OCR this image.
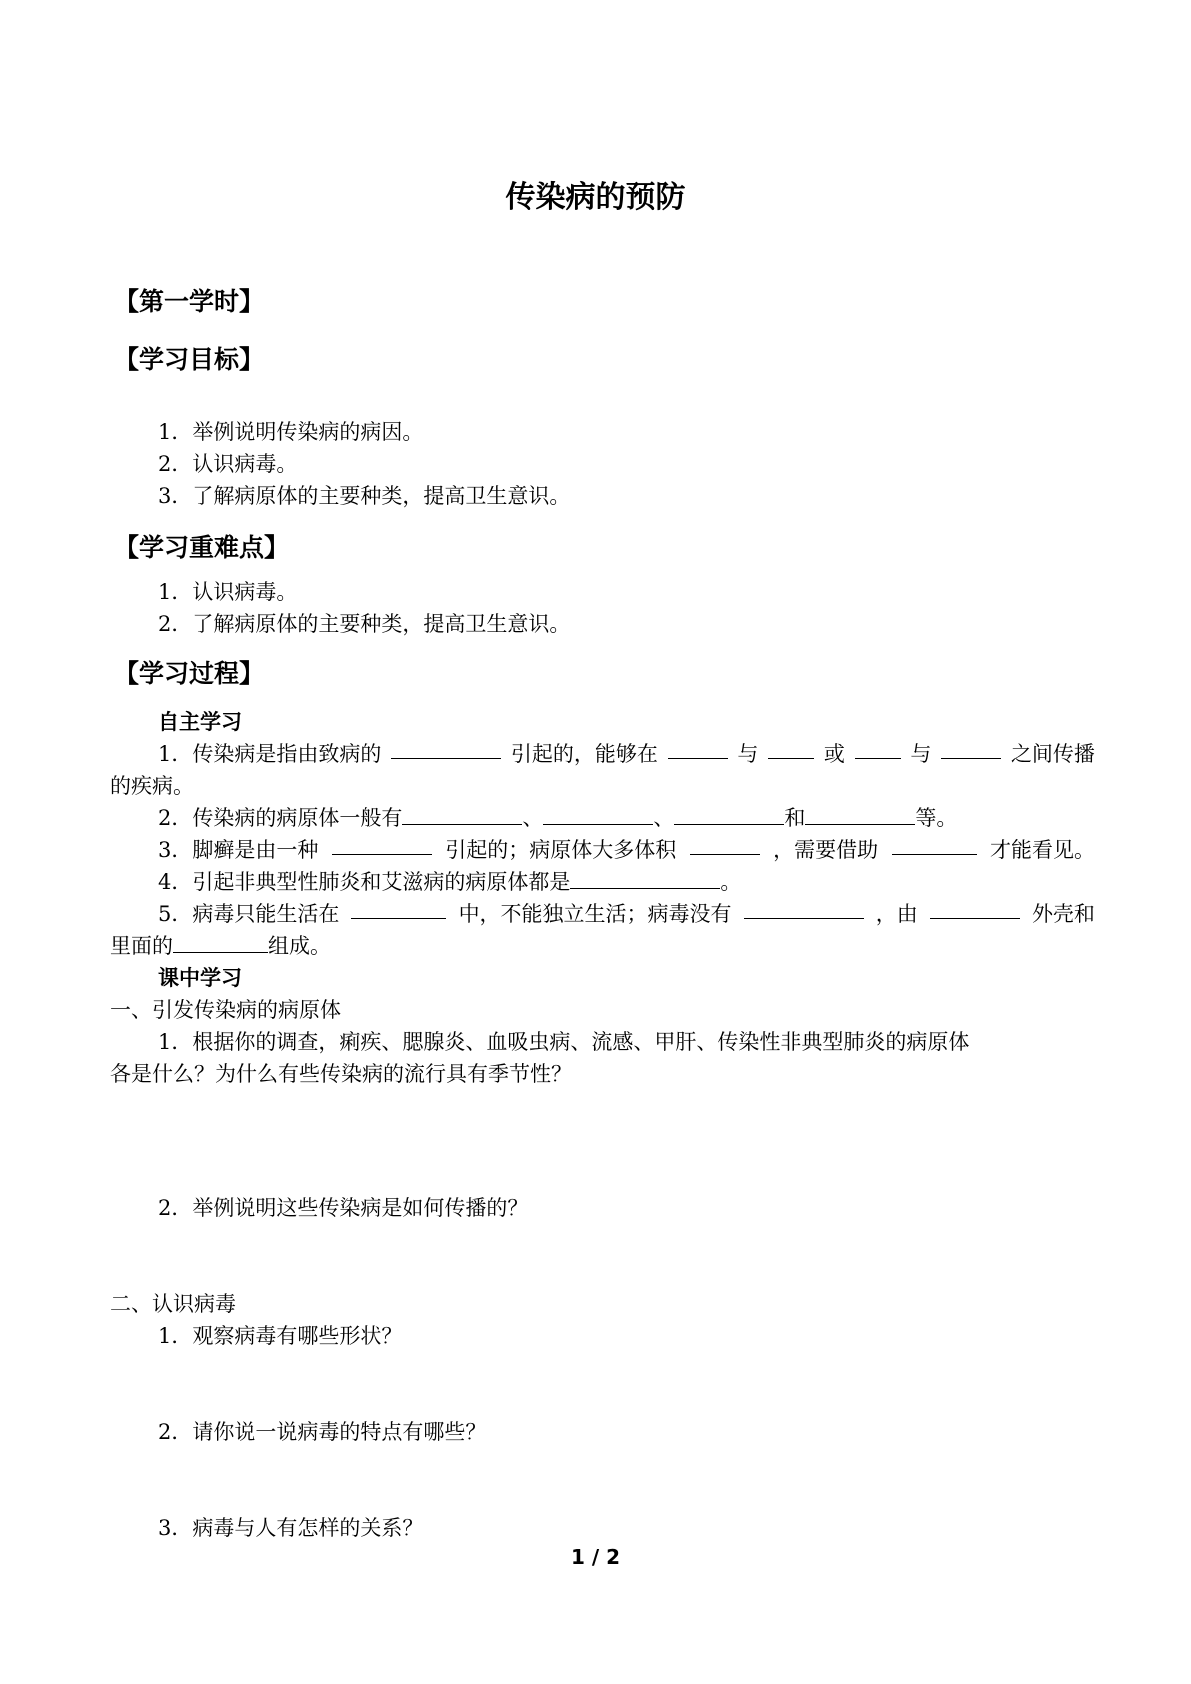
传染病的预防
【第一学时】
【学习目标】
1．举例说明传染病的病因。
2．认识病毒。
3．了解病原体的主要种类，提高卫生意识。
【学习重难点】
1．认识病毒。
2．了解病原体的主要种类，提高卫生意识。
【学习过程】
自主学习
1．传染病是指由致病的	引起的，能够在	与	或	与	之间传播
的疾病。
2．传染病的病原体一般有	、	、	和	等。
3．脚癣是由一种	引起的；病原体大多体积	，需要借助	才能看见。
4．引起非典型性肺炎和艾滋病的病原体都是	。
5．病毒只能生活在	中，不能独立生活；病毒没有	，由	外壳和
里面的	组成。
课中学习
一、引发传染病的病原体
1．根据你的调查，痢疾、腮腺炎、血吸虫病、流感、甲肝、传染性非典型肺炎的病原体
各是什么？为什么有些传染病的流行具有季节性？
2．举例说明这些传染病是如何传播的？
二、认识病毒
1．观察病毒有哪些形状？
2．请你说一说病毒的特点有哪些？
3．病毒与人有怎样的关系？
1 / 2
